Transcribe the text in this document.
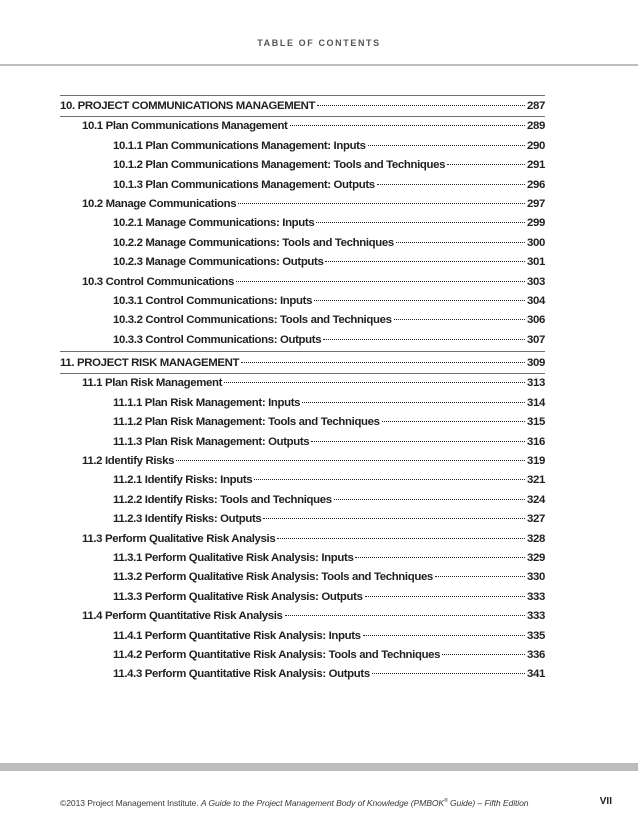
TABLE OF CONTENTS
10. PROJECT COMMUNICATIONS MANAGEMENT	287
10.1 Plan Communications Management	289
10.1.1 Plan Communications Management: Inputs	290
10.1.2 Plan Communications Management: Tools and Techniques	291
10.1.3 Plan Communications Management: Outputs	296
10.2 Manage Communications	297
10.2.1 Manage Communications: Inputs	299
10.2.2 Manage Communications: Tools and Techniques	300
10.2.3 Manage Communications: Outputs	301
10.3 Control Communications	303
10.3.1 Control Communications: Inputs	304
10.3.2 Control Communications: Tools and Techniques	306
10.3.3 Control Communications: Outputs	307
11. PROJECT RISK MANAGEMENT	309
11.1 Plan Risk Management	313
11.1.1 Plan Risk Management: Inputs	314
11.1.2 Plan Risk Management: Tools and Techniques	315
11.1.3 Plan Risk Management: Outputs	316
11.2 Identify Risks	319
11.2.1 Identify Risks: Inputs	321
11.2.2 Identify Risks: Tools and Techniques	324
11.2.3 Identify Risks: Outputs	327
11.3 Perform Qualitative Risk Analysis	328
11.3.1 Perform Qualitative Risk Analysis: Inputs	329
11.3.2 Perform Qualitative Risk Analysis: Tools and Techniques	330
11.3.3 Perform Qualitative Risk Analysis: Outputs	333
11.4 Perform Quantitative Risk Analysis	333
11.4.1 Perform Quantitative Risk Analysis: Inputs	335
11.4.2 Perform Quantitative Risk Analysis: Tools and Techniques	336
11.4.3 Perform Quantitative Risk Analysis: Outputs	341
©2013 Project Management Institute. A Guide to the Project Management Body of Knowledge (PMBOK® Guide) – Fifth Edition	VII
